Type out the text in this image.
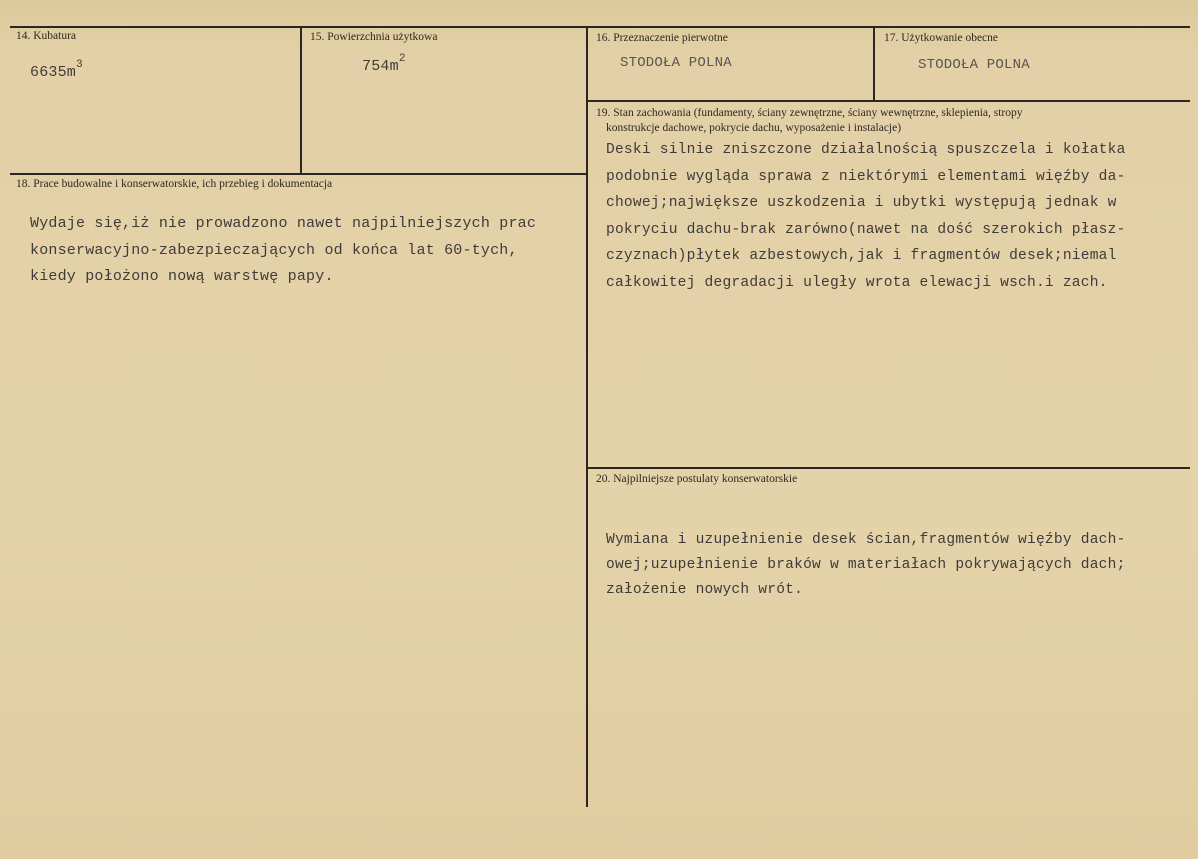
14. Kubatura
$6635m^3$
15. Powierzchnia użytkowa
$754m^2$
16. Przeznaczenie pierwotne
STODOŁA POLNA
17. Użytkowanie obecne
STODOŁA POLNA
18. Prace budowalne i konserwatorskie, ich przebieg i dokumentacja
Wydaje się,iż nie prowadzono nawet najpilniejszych prac
konserwacyjno-zabezpieczających od końca lat 60-tych,
kiedy położono nową warstwę papy.
19. Stan zachowania (fundamenty, ściany zewnętrzne, ściany wewnętrzne, sklepienia, stropy
konstrukcje dachowe, pokrycie dachu, wyposażenie i instalacje)
Deski silnie zniszczone działalnością spuszczela i kołatka
podobnie wygląda sprawa z niektórymi elementami więźby da-
chowej;największe uszkodzenia i ubytki występują jednak w
pokryciu dachu-brak zarówno(nawet na dość szerokich płasz-
czyznach)płytek azbestowych,jak i fragmentów desek;niemal
całkowitej degradacji uległy wrota elewacji wsch.i zach.
20. Najpilniejsze postulaty konserwatorskie
Wymiana i uzupełnienie desek ścian,fragmentów więźby dach-
owej;uzupełnienie braków w materiałach pokrywających dach;
założenie nowych wrót.
